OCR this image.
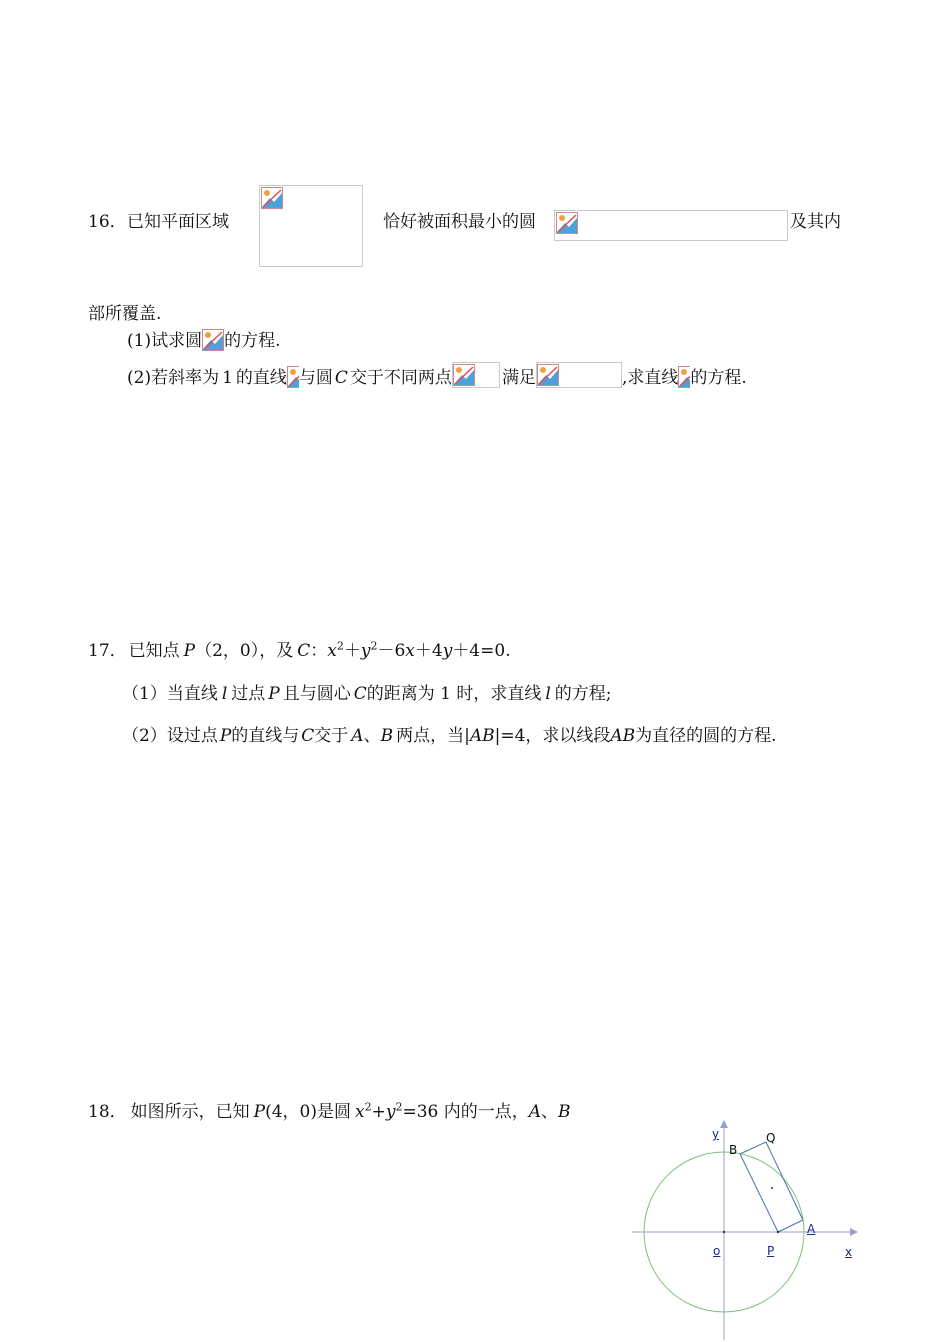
16． 已知平面区域	恰好被面积最小的圆	及其内
部所覆盖.
(1)试求圆 的方程.
(2)若斜率为 1 的直线 与圆 C 交于不同两点	满足	,求直线 的方程.
17． 已知点 P（2，0），及 C：$x^2+y^2-6x+4y+4=0$.
（1）当直线 l 过点 P 且与圆心 C的距离为 1 时，求直线 l 的方程;
（2）设过点 P的直线与 C交于 A、B 两点，当|AB|=4，求以线段AB为直径的圆的方程.
18． 如图所示，已知 P(4，0)是圆 $x^2+y^2=36$ 内的一点，A、B
y
B
Q
A
o	P	x
